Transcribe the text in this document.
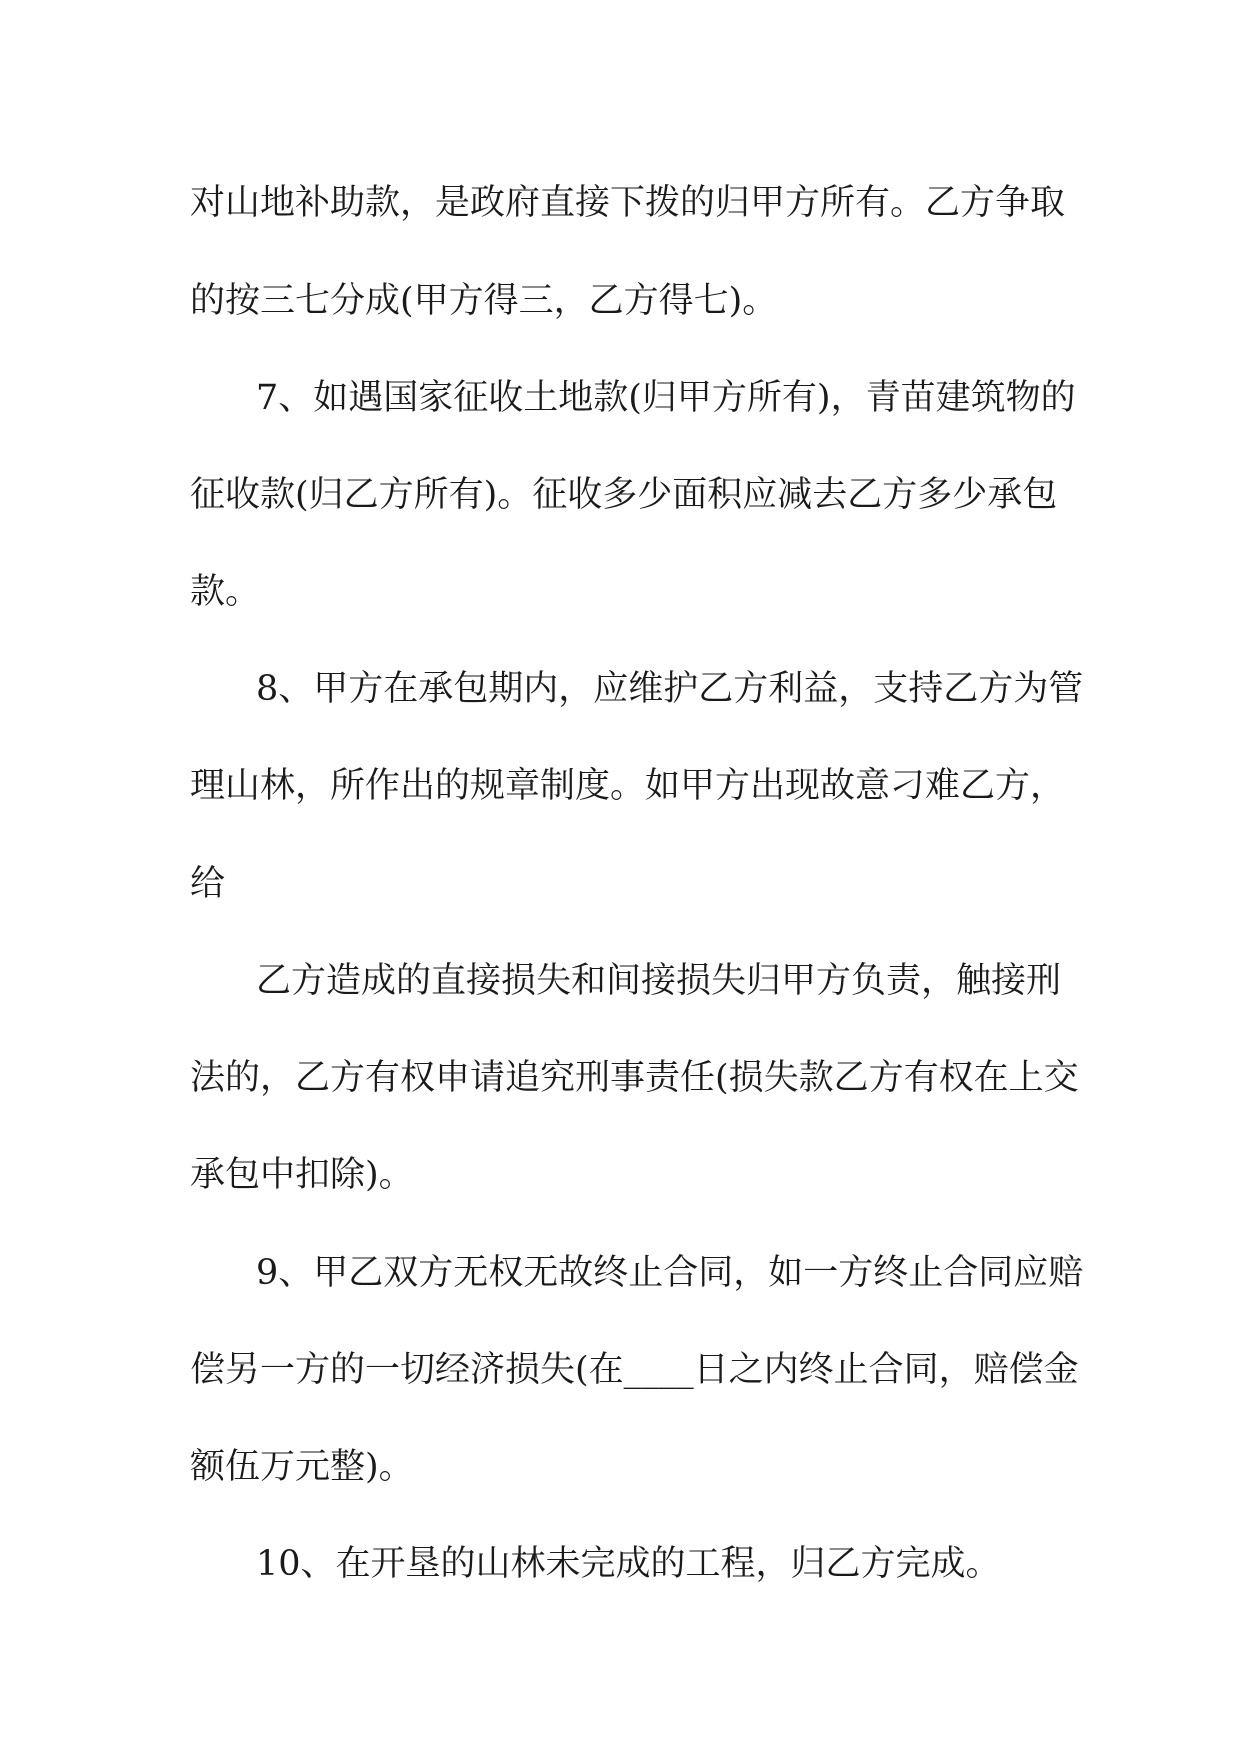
对山地补助款，是政府直接下拨的归甲方所有。乙方争取
的按三七分成(甲方得三，乙方得七)。
7、如遇国家征收土地款(归甲方所有)，青苗建筑物的
征收款(归乙方所有)。征收多少面积应减去乙方多少承包
款。
8、甲方在承包期内，应维护乙方利益，支持乙方为管
理山林，所作出的规章制度。如甲方出现故意刁难乙方，
给
乙方造成的直接损失和间接损失归甲方负责，触接刑
法的，乙方有权申请追究刑事责任(损失款乙方有权在上交
承包中扣除)。
9、甲乙双方无权无故终止合同，如一方终止合同应赔
偿另一方的一切经济损失(在____日之内终止合同，赔偿金
额伍万元整)。
10、在开垦的山林未完成的工程，归乙方完成。
